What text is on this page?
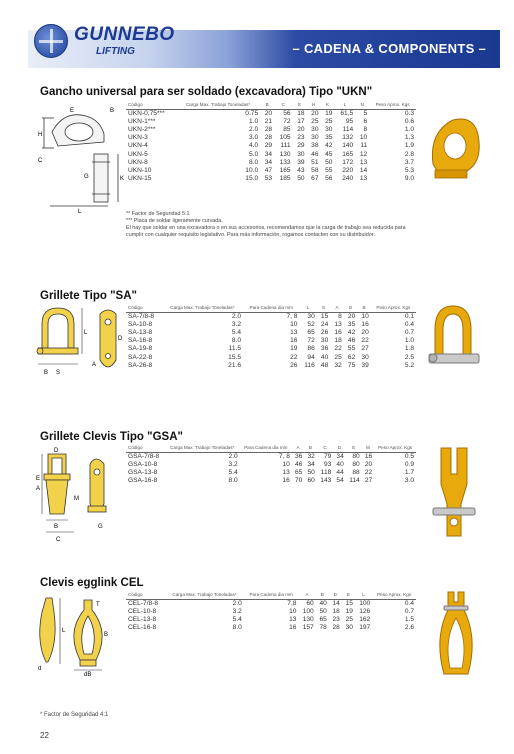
GUNNEBO
LIFTING	– CADENA & COMPONENTS –
Gancho universal para ser soldado (excavadora) Tipo "UKN"
H
E
C
B
G	K
L
Código	Carga Max. Trabajo Toneladas*	B	C	E	H	K	L	N	Peso Aprox. Kgs
UKN-0,75***	0.75	20	56	18	20	19	61,5	5	0.3
UKN-1***	1.0	21	72	17	25	25	95	6	0.6
UKN-2***	2.0	28	85	20	30	30	114	8	1.0
UKN-3	3.0	28	105	23	30	35	132	10	1.3
UKN-4	4.0	29	111	29	38	42	140	11	1.9
UKN-5	5.0	34	130	30	46	45	165	12	2.8
UKN-8	8.0	34	133	39	51	50	172	13	3.7
UKN-10	10.0	47	165	43	58	55	220	14	5.3
UKN-15	15.0	53	185	50	67	56	240	13	9.0
** Factor de Seguridad 5:1
*** Placa de soldar ligeramente curvada.
El hay que soldar en una excavadora o en sus accesorios, recomendamos que la carga de trabajo sea reducida para cumplir con cualquier requisito legislativo. Para más información, rogamos contacten con su distribuidor.
Grillete Tipo "SA"
B S
L
D
A
Código	Carga Max. Trabajo Toneladas*	Para Cadena dia mm	L	S	A	D	B	Peso Aprox. Kgs
SA-7/8-8	2.0	7, 8	30	15	8	20	10	0.1
SA-10-8	3.2	10	52	24	13	35	16	0.4
SA-13-8	5.4	13	65	26	16	42	20	0.7
SA-16-8	8.0	16	72	30	18	46	22	1.0
SA-19-8	11.5	19	86	36	22	55	27	1.8
SA-22-8	15.5	22	94	40	25	62	30	2.5
SA-26-8	21.6	26	116	48	32	75	39	5.2
Grillete Clevis Tipo "GSA"
D
A
E
M
B	G
C
Código	Carga Max. Trabajo Toneladas*	Para Cadena dia mm	A	B	C	D	E	M	Peso Aprox. Kgs
GSA-7/8-8	2.0	7, 8	36	32	79	34	80	16	0.5
GSA-10-8	3.2	10	46	34	93	40	80	20	0.9
GSA-13-8	5.4	13	65	50	118	44	88	22	1.7
GSA-16-8	8.0	16	70	60	143	54	114	27	3.0
Clevis egglink CEL
L
d
T
B
dB
Código	Carga Max. Trabajo Toneladas*	Para Cadena dia mm	A	B	D	E	L	Peso Aprox. Kgs
CEL-7/8-8	2.0	7,8	60	40	14	15	100	0.4
CEL-10-8	3.2	10	100	50	18	19	126	0.7
CEL-13-8	5.4	13	130	65	23	25	162	1.5
CEL-16-8	8.0	16	157	78	28	30	197	2.6
* Factor de Seguridad 4:1
22
